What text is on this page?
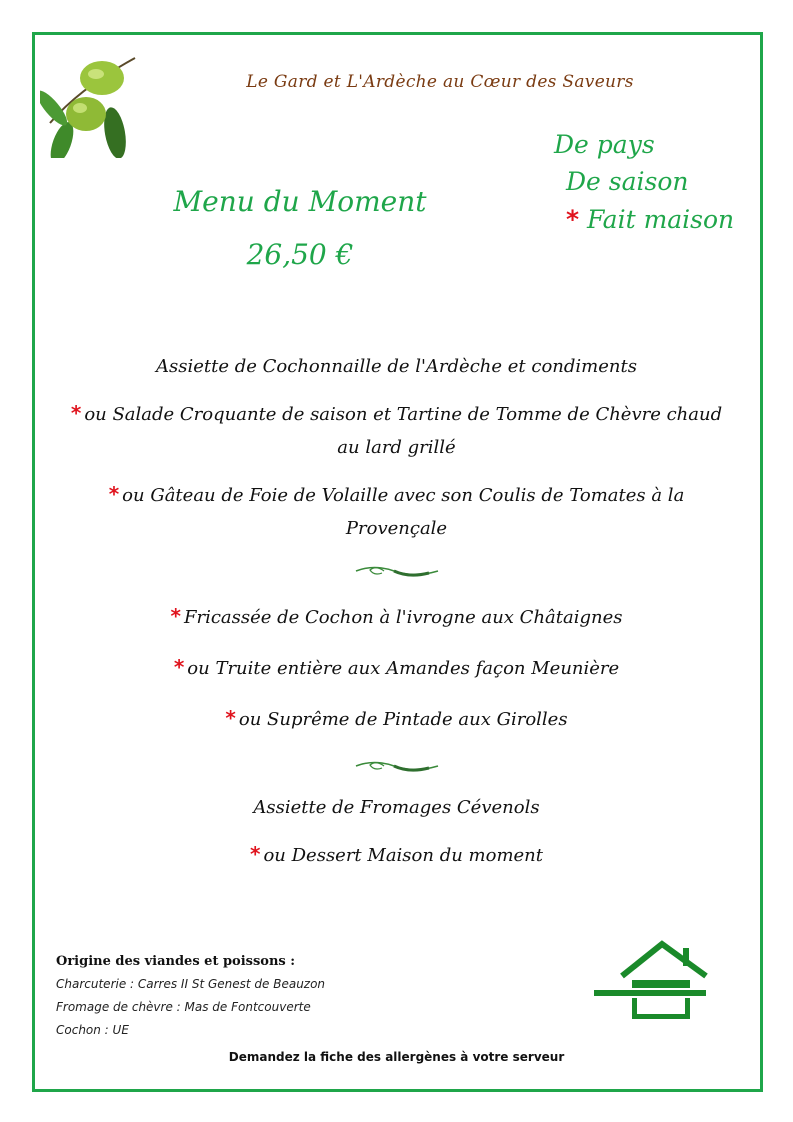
Le Gard et L'Ardèche au Cœur des Saveurs
De pays
De saison
* Fait maison
Menu du Moment
26,50 €
Assiette de Cochonnaille de l'Ardèche et condiments
* ou Salade Croquante de saison et Tartine de Tomme de Chèvre chaud
au lard grillé
* ou Gâteau de Foie de Volaille avec son Coulis de Tomates à la
Provençale
* Fricassée de Cochon à l'ivrogne aux Châtaignes
* ou Truite entière aux Amandes façon Meunière
* ou Suprême de Pintade aux Girolles
Assiette de Fromages Cévenols
* ou Dessert Maison du moment
Origine des viandes et poissons :
Charcuterie : Carres II St Genest de Beauzon
Fromage de chèvre : Mas de Fontcouverte
Cochon : UE
Demandez la fiche des allergènes à votre serveur
